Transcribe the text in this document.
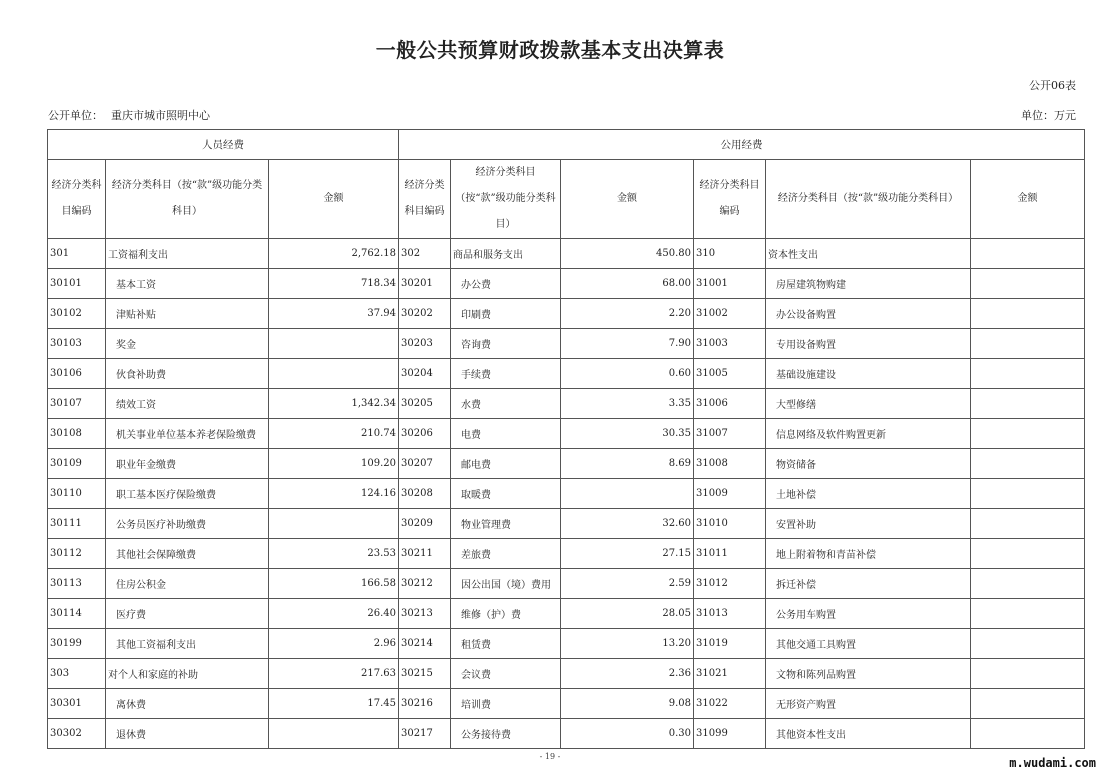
一般公共预算财政拨款基本支出决算表
公开06表
公开单位： 重庆市城市照明中心	单位：万元
人员经费			公用经费					
经济分类科目编码	经济分类科目（按“款”级功能分类科目）	金额	经济分类科目编码	经济分类科目（按“款”级功能分类科目）	金额	经济分类科目编码	经济分类科目（按“款”级功能分类科目）	金额
301	工资福利支出	2,762.18	302	商品和服务支出	450.80	310	资本性支出	
30101	基本工资	718.34	30201	办公费	68.00	31001	房屋建筑物购建	
30102	津贴补贴	37.94	30202	印刷费	2.20	31002	办公设备购置	
30103	奖金		30203	咨询费	7.90	31003	专用设备购置	
30106	伙食补助费		30204	手续费	0.60	31005	基础设施建设	
30107	绩效工资	1,342.34	30205	水费	3.35	31006	大型修缮	
30108	机关事业单位基本养老保险缴费	210.74	30206	电费	30.35	31007	信息网络及软件购置更新	
30109	职业年金缴费	109.20	30207	邮电费	8.69	31008	物资储备	
30110	职工基本医疗保险缴费	124.16	30208	取暖费		31009	土地补偿	
30111	公务员医疗补助缴费		30209	物业管理费	32.60	31010	安置补助	
30112	其他社会保障缴费	23.53	30211	差旅费	27.15	31011	地上附着物和青苗补偿	
30113	住房公积金	166.58	30212	因公出国（境）费用	2.59	31012	拆迁补偿	
30114	医疗费	26.40	30213	维修（护）费	28.05	31013	公务用车购置	
30199	其他工资福利支出	2.96	30214	租赁费	13.20	31019	其他交通工具购置	
303	对个人和家庭的补助	217.63	30215	会议费	2.36	31021	文物和陈列品购置	
30301	离休费	17.45	30216	培训费	9.08	31022	无形资产购置	
30302	退休费		30217	公务接待费	0.30	31099	其他资本性支出	
- 19 -	m.wudami.com
